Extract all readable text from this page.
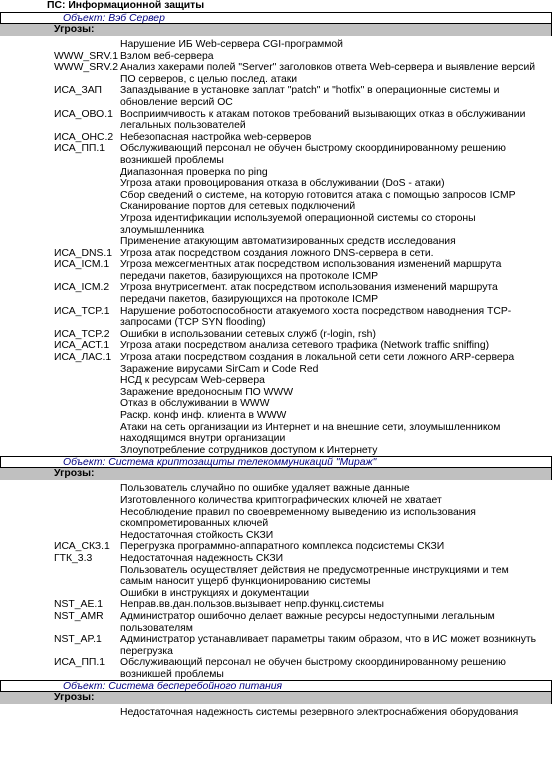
ПС: Информационной защиты
Объект: Вэб Сервер
Угрозы:
Нарушение ИБ Web-сервера CGI-программой
WWW_SRV.1 Взлом веб-сервера
WWW_SRV.2 Анализ хакерами полей "Server" заголовков ответа Web-сервера и выявление версий ПО серверов, с целью послед. атаки
ИСА_ЗАП	Запаздывание в установке заплат "patch" и "hotfix" в операционные системы и обновление версий ОС
ИСА_ОВО.1 Восприимчивость к атакам потоков требований вызывающих отказ в обслуживании легальных пользователей
ИСА_ОНС.2 Небезопасная настройка web-серверов
ИСА_ПП.1	Обслуживающий персонал не обучен быстрому скоординированному решению возникшей проблемы
Диапазонная проверка по ping
Угроза атаки провоцирования отказа в обслуживании (DoS - атаки)
Сбор сведений о системе, на которую готовится атака с помощью запросов ICMP
Сканирование портов для сетевых подключений
Угроза идентификации используемой операционной системы со стороны злоумышленника
Применение атакующим автоматизированных средств исследования
ИСА_DNS.1 Угроза атак посредством создания ложного DNS-сервера в сети.
ИСА_ICM.1	Угроза межсегментных атак посредством использования изменений маршрута передачи пакетов, базирующихся на протоколе ICMP
ИСА_ICM.2	Угроза внутрисегмент. атак посредством использования изменений маршрута передачи пакетов, базирующихся на протоколе ICMP
ИСА_TCP.1	Нарушение роботоспособности атакуемого хоста посредством наводнения TCP-запросами (TCP SYN flooding)
ИСА_TCP.2	Ошибки в использовании сетевых служб (r-login, rsh)
ИСА_АСТ.1	Угроза атаки посредством анализа сетевого трафика (Network traffic sniffing)
ИСА_ЛАС.1 Угроза атаки посредством создания в локальной сети сети ложного ARP-сервера
Заражение вирусами SirCam и Code Red
НСД к ресурсам Web-сервера
Заражение вредоносным ПО WWW
Отказ в обслуживании в WWW
Раскр. конф инф. клиента в WWW
Атаки на сеть организации из Интернет и на внешние сети, злоумышленником находящимся внутри организации
Злоупотребление сотрудников доступом к Интернету
Объект: Система криптозащиты телекоммуникаций "Мираж"
Угрозы:
Пользователь случайно по ошибке удаляет важные данные
Изготовленного количества криптографических ключей не хватает
Несоблюдение правил по своевременному выведению из использования скомпрометированных ключей
Недостаточная стойкость СКЗИ
ИСА_СКЗ.1 Перегрузка программно-аппаратного комплекса подсистемы СКЗИ
ГТК_3.3	Недостаточная надежность СКЗИ
Пользователь осуществляет действия не предусмотренные инструкциями и тем самым наносит ущерб функционированию системы
Ошибки в инструкциях и документации
NST_AE.1	Неправ.вв.дан.пользов.вызывает непр.функц.системы
NST_AMR	Администратор ошибочно делает важные ресурсы недоступными легальным пользователям
NST_AP.1	Администратор устанавливает параметры таким образом, что в ИС может возникнуть перегрузка
ИСА_ПП.1	Обслуживающий персонал не обучен быстрому скоординированному решению возникшей проблемы
Объект: Система бесперебойного питания
Угрозы:
Недостаточная надежность системы резервного электроснабжения оборудования
